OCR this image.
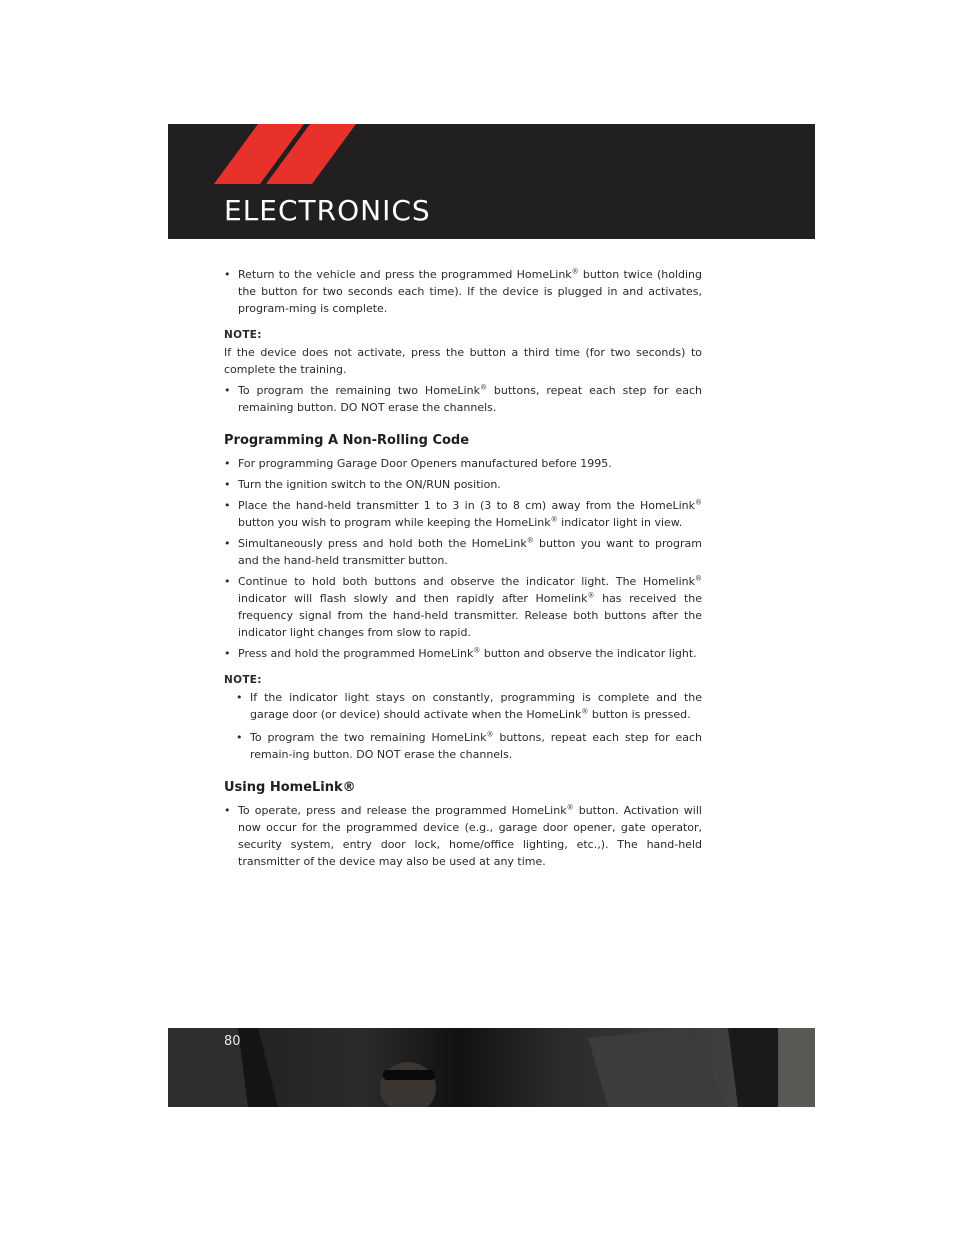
ELECTRONICS

• Return to the vehicle and press the programmed HomeLink® button twice (holding the button for two seconds each time). If the device is plugged in and activates, program-ming is complete.

NOTE:

If the device does not activate, press the button a third time (for two seconds) to complete the training.

• To program the remaining two HomeLink® buttons, repeat each step for each remaining button. DO NOT erase the channels.

Programming A Non-Rolling Code

• For programming Garage Door Openers manufactured before 1995.

• Turn the ignition switch to the ON/RUN position.

• Place the hand-held transmitter 1 to 3 in (3 to 8 cm) away from the HomeLink® button you wish to program while keeping the HomeLink® indicator light in view.

• Simultaneously press and hold both the HomeLink® button you want to program and the hand-held transmitter button.

• Continue to hold both buttons and observe the indicator light. The Homelink® indicator will flash slowly and then rapidly after Homelink® has received the frequency signal from the hand-held transmitter. Release both buttons after the indicator light changes from slow to rapid.

• Press and hold the programmed HomeLink® button and observe the indicator light.

NOTE:

• If the indicator light stays on constantly, programming is complete and the garage door (or device) should activate when the HomeLink® button is pressed.

• To program the two remaining HomeLink® buttons, repeat each step for each remain-ing button. DO NOT erase the channels.

Using HomeLink®

• To operate, press and release the programmed HomeLink® button. Activation will now occur for the programmed device (e.g., garage door opener, gate operator, security system, entry door lock, home/office lighting, etc.,). The hand-held transmitter of the device may also be used at any time.

80
